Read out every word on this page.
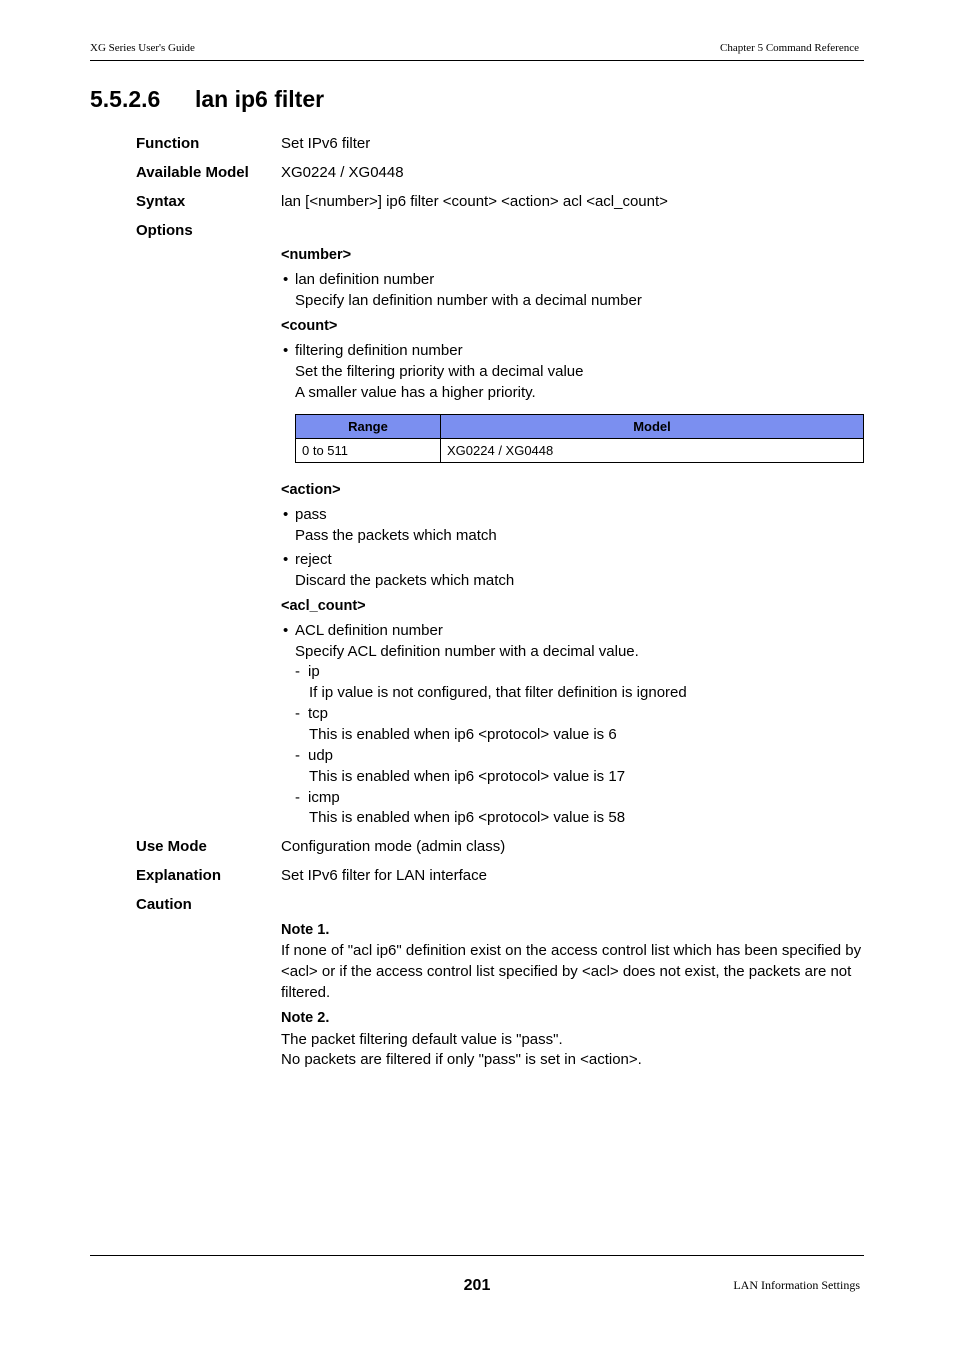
XG Series User's Guide	Chapter 5 Command Reference
5.5.2.6 lan ip6 filter
Function	Set IPv6 filter
Available Model XG0224 / XG0448
Syntax	lan [<number>] ip6 filter <count> <action> acl <acl_count>
Options
<number>
• lan definition number
Specify lan definition number with a decimal number
<count>
• filtering definition number
Set the filtering priority with a decimal value
A smaller value has a higher priority.
Range	Model
0 to 511	XG0224 / XG0448
<action>
• pass
Pass the packets which match
• reject
Discard the packets which match
<acl_count>
• ACL definition number
Specify ACL definition number with a decimal value.
- ip
If ip value is not configured, that filter definition is ignored
- tcp
This is enabled when ip6 <protocol> value is 6
- udp
This is enabled when ip6 <protocol> value is 17
- icmp
This is enabled when ip6 <protocol> value is 58
Use Mode	Configuration mode (admin class)
Explanation	Set IPv6 filter for LAN interface
Caution
Note 1.
If none of "acl ip6" definition exist on the access control list which has been specified by
<acl> or if the access control list specified by <acl> does not exist, the packets are not
filtered.
Note 2.
The packet filtering default value is "pass".
No packets are filtered if only "pass" is set in <action>.
201	LAN Information Settings
